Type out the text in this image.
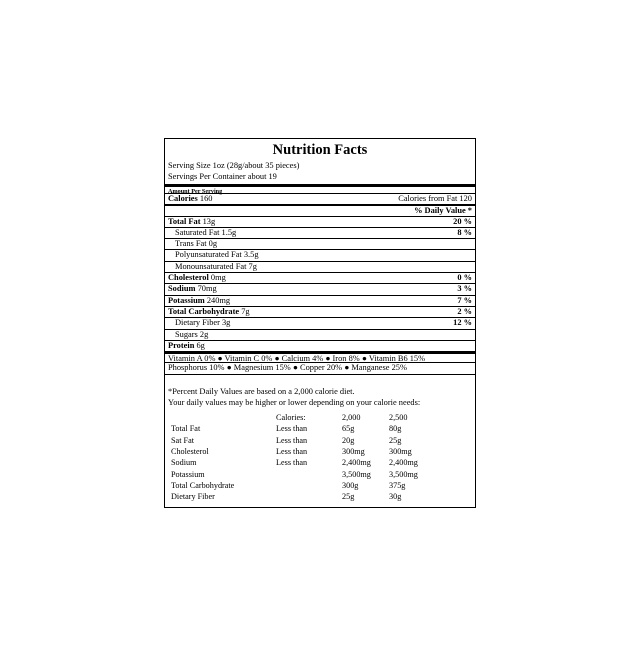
Nutrition Facts
Serving Size 1oz (28g/about 35 pieces)
Servings Per Container about 19
Amount Per Serving
Calories 160	Calories from Fat 120
% Daily Value *
Total Fat 13g	20 %
Saturated Fat 1.5g	8 %
Trans Fat 0g
Polyunsaturated Fat 3.5g
Monounsaturated Fat 7g
Cholesterol 0mg	0 %
Sodium 70mg	3 %
Potassium 240mg	7 %
Total Carbohydrate 7g	2 %
Dietary Fiber 3g	12 %
Sugars 2g
Protein 6g
Vitamin A 0% ● Vitamin C 0% ● Calcium 4% ● Iron 8% ● Vitamin B6 15%
Phosphorus 10% ● Magnesium 15% ● Copper 20% ● Manganese 25%

*Percent Daily Values are based on a 2,000 calorie diet.

Your daily values may be higher or lower depending on your calorie needs:

	Calories:	2,000	2,500
Total Fat	Less than	65g	80g
Sat Fat	Less than	20g	25g
Cholesterol	Less than	300mg	300mg
Sodium	Less than	2,400mg	2,400mg
Potassium		3,500mg	3,500mg
Total Carbohydrate		300g	375g
Dietary Fiber		25g	30g
